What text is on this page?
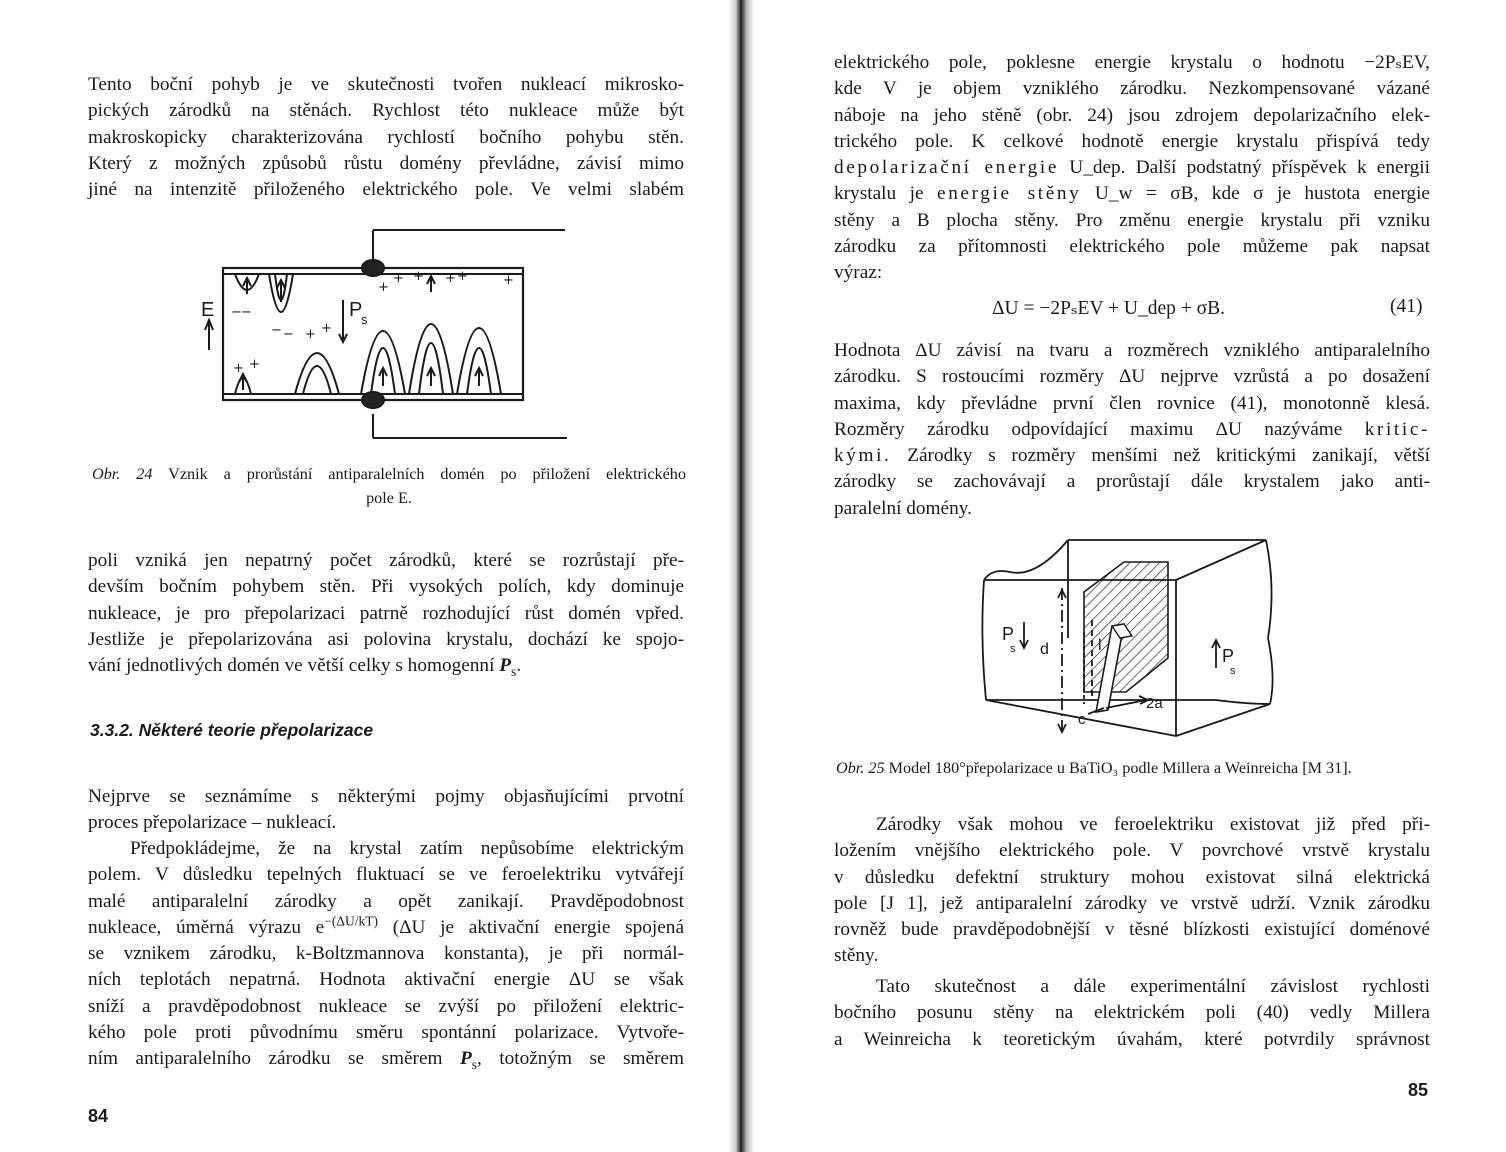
Tento boční pohyb je ve skutečnosti tvořen nukleací mikrosko-
pických zárodků na stěnách. Rychlost této nukleace může být
makroskopicky charakterizována rychlostí bočního pohybu stěn.
Který z možných způsobů růstu domény převládne, závisí mimo
jiné na intenzitě přiloženého elektrického pole. Ve velmi slabém

+
+ + + +	+
+ +
+ +
− −
− −
E	P
s
Obr. 24 Vznik a prorůstání antiparalelních domén po přiložení elektrického
pole E.

poli vzniká jen nepatrný počet zárodků, které se rozrůstají pře-
devším bočním pohybem stěn. Při vysokých polích, kdy dominuje
nukleace, je pro přepolarizaci patrně rozhodující růst domén vpřed.
Jestliže je přepolarizována asi polovina krystalu, dochází ke spojo-
vání jednotlivých domén ve větší celky s homogenní $P_s$.

3.3.2. Některé teorie přepolarizace

Nejprve se seznámíme s některými pojmy objasňujícími prvotní
proces přepolarizace – nukleací.

Předpokládejme, že na krystal zatím nepůsobíme elektrickým
polem. V důsledku tepelných fluktuací se ve feroelektriku vytvářejí
malé antiparalelní zárodky a opět zanikají. Pravděpodobnost
nukleace, úměrná výrazu $e^{-(\Delta U/kT)}$ (ΔU je aktivační energie spojená
se vznikem zárodku, k-Boltzmannova konstanta), je při normál-
ních teplotách nepatrná. Hodnota aktivační energie ΔU se však
sníží a pravděpodobnost nukleace se zvýší po přiložení elektric-
kého pole proti původnímu směru spontánní polarizace. Vytvoře-
ním antiparalelního zárodku se směrem $P_s$, totožným se směrem

84

elektrického pole, poklesne energie krystalu o hodnotu −2PₛEV,
kde V je objem vzniklého zárodku. Nezkompensované vázané
náboje na jeho stěně (obr. 24) jsou zdrojem depolarizačního elek-
trického pole. K celkové hodnotě energie krystalu přispívá tedy
depolarizační energie U_dep. Další podstatný příspěvek k energii
krystalu je energie stěny U_w = σB, kde σ je hustota energie
stěny a B plocha stěny. Pro změnu energie krystalu při vzniku
zárodku za přítomnosti elektrického pole můžeme pak napsat
výraz:

ΔU = −2PₛEV + U_dep + σB.	(41)

Hodnota ΔU závisí na tvaru a rozměrech vzniklého antiparalelního
zárodku. S rostoucími rozměry ΔU nejprve vzrůstá a po dosažení
maxima, kdy převládne první člen rovnice (41), monotonně klesá.
Rozměry zárodku odpovídající maximu ΔU nazýváme kritic-
kými. Zárodky s rozměry menšími než kritickými zanikají, větší
zárodky se zachovávají a prorůstají dále krystalem jako anti-
paralelní domény.

P
s d	l
2a
c
P
s
Obr. 25 Model 180°přepolarizace u BaTiO₃ podle Millera a Weinreicha [M 31].

Zárodky však mohou ve feroelektriku existovat již před při-
ložením vnějšího elektrického pole. V povrchové vrstvě krystalu
v důsledku defektní struktury mohou existovat silná elektrická
pole [J 1], jež antiparalelní zárodky ve vrstvě udrží. Vznik zárodku
rovněž bude pravděpodobnější v těsné blízkosti existující doménové
stěny.

Tato skutečnost a dále experimentální závislost rychlosti
bočního posunu stěny na elektrickém poli (40) vedly Millera
a Weinreicha k teoretickým úvahám, které potvrdily správnost

85
